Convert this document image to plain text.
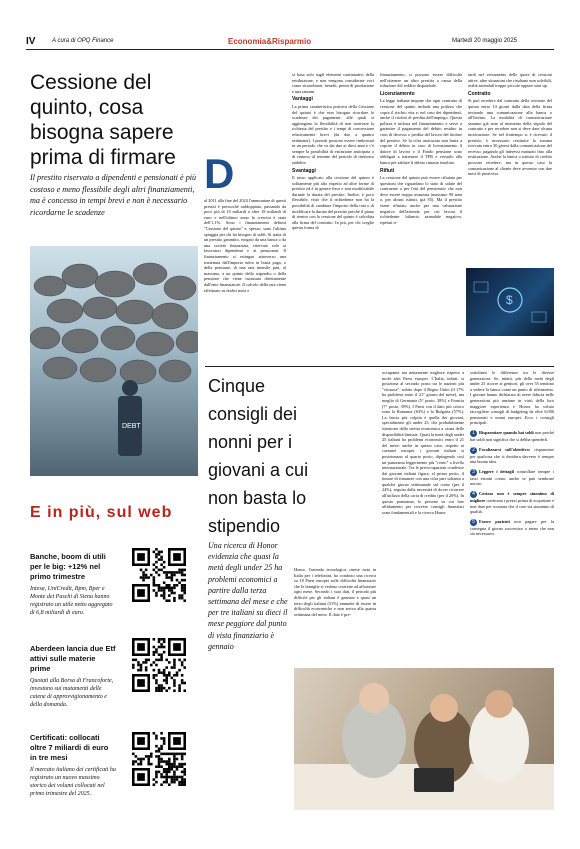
IV	A cura di OPQ Finance	Economia&Risparmio	Martedì 20 maggio 2025
Cessione del quinto, cosa bisogna sapere prima di firmare
Il prestito riservato a dipendenti e pensionati è più costoso e meno flessibile degli altri finanziamenti, ma è concesso in tempi brevi e non è necessario ricordarne le scadenze
DEBT
D

al 2011 alla fine del 2024 l'ammontare di questi prestiti è pressoché raddoppiato, passando da poco più di 10 miliardi a oltre 18 miliardi di euro e nell'ultimo anno la crescita è stata dell'1,1%. Sono i finanziamenti definiti "Cessione del quinto" e, spesso, sono l'ultima spiaggia per chi ha bisogno di soldi. Si tratta di un prestito garantito, erogato da una banca o da una società finanziaria, riservato solo ai lavoratori dipendenti e ai pensionati. Il finanziamento si estingue attraverso una trattenuta dall'importo netto in busta paga, o della pensione, di una rata mensile pari, al massimo, a un quinto dello stipendio o della pensione che viene incassata direttamente dall'ente finanziatore. Il calcolo della rata viene effettuato su dodici mesi e

si basa solo sugli elementi continuativi della retribuzione, e non vengono considerate voci come straordinari, benefit, premi di produzione e una tantum.

Vantaggi

La prima caratteristica positiva della Cessione del quinto è che non bisogna ricordare le scadenze dei pagamenti, alle quali si aggiungono la flessibilità di non motivare la richiesta del prestito e i tempi di concessione relativamente brevi (da due a quattro settimane). I prestiti possono essere rimborsati in un periodo che va dai due ai dieci anni e c'è sempre la possibilità di estinzione anticipata o di rinnovo al termine del periodo di rimborso stabilito

Svantaggi

Il tasso applicato alla cessione del quinto è solitamente più alto rispetto ad altre forme di prestito ed è in genere fisso e non modificabile durante la durata del prestito. Inoltre, è poco flessibile, visto che il richiedente non ha la possibilità di cambiare l'importo della rata o di modificare la durata del prestito perché il piano di rientro con la cessione del quinto è calcolata alla firma del contratto. In più, per chi sceglie questa forma di

finanziamento, ci possono essere difficoltà nell'ottenere un altro prestito a causa della riduzione del reddito disponibile.

Licenziamento

La legge italiana impone che ogni contratto di cessione del quinto includa una polizza che copra il rischio vita e, nel caso dei dipendenti, anche il rischio di perdita dell'impiego. Questa polizza è inclusa nel finanziamento e serve a garantire il pagamento del debito residuo in caso di decesso o perdita del lavoro del titolare del prestito. Se la cifra assicurata non basta a coprire il debito in caso di licenziamento il datore di lavoro o il Fondo pensione sono obbligati a trattenere il TFR e versarlo alla banca per saldare il debito rimasto insoluto.

Rifiuti

La cessione del quinto può essere rifiutata per questioni che riguardano lo stato di salute del contraente o per l'età del pensionato che non deve essere troppo avanzata (massimo 90 anni o, per alcuni istituti, già 85). Ma il prestito viene rifiutato anche per una valutazione negativa dell'azienda per cui lavora il richiedente: bilancio aziendale negativo, ripetuti ri-

tardi nel versamento delle quote di cessioni attive, altre situazioni che risultano non solvibili, realtà aziendali troppo piccole oppure start up.

Contratto

Si può recedere dal contratto della cessione del quinto entro 14 giorni dalla data della firma inviando una comunicazione alla banca o all'Istituto. La modalità di comunicazione saranno già note al momento della stipula del contratto e per recedere non si deve dare alcuna motivazione. Se nel frattempo si è ricevuto il prestito, è necessario restituire la somma ricevuta entro 30 giorni dalla comunicazione del recesso, pagando gli interessi maturati fino alla restituzione. Anche la banca o istituto di credito possono recedere, ma in questo caso la comunicazione al cliente deve avvenire con due mesi di preavviso.

$
E in più, sul web
Banche, boom di utili per le big: +12% nel primo trimestre
Intesa, UniCredit, Bpm, Bper e Monte dei Paschi di Siena hanno registrato un utile netto aggregato di 6,8 miliardi di euro.
Aberdeen lancia due Etf attivi sulle materie prime
Quotati alla Borsa di Francoforte, investono sui mutamenti delle catene di approvvigionamento e della domanda.
Certificati: collocati oltre 7 miliardi di euro in tre mesi
Il mercato italiano dei certificati ha registrato un nuovo massimo storico dei volumi collocati nel primo trimestre del 2025.
Cinque consigli dei nonni per i giovani a cui non basta lo stipendio
Una ricerca di Honor evidenzia che quasi la metà degli under 25 ha problemi economici a partire dalla terza settimana del mese e che per tre italiani su dieci il mese peggiore dal punto di vista finanziario è gennaio

Honor, l'azienda tecnologica cinese nota in Italia per i telefonini, ha condotto una ricerca su 18 Paesi europei sulle difficoltà finanziarie che le famiglie si vedono costrette ad affrontare ogni mese. Secondo i suoi dati, il periodo più difficile per gli italiani è gennaio e quasi un terzo degli italiani (31%) ammette di essere in difficoltà economiche e non arriva alla quarta settimana del mese. Il dato è pre-

occupante ma nettamente migliore rispetto a molti altri Paesi europei. L'Italia, infatti, si posiziona al secondo posto tra le nazioni più "virtuose", subito dopo il Regno Unito (il 17% ha problemi entro il 21° giorno del mese), ma meglio di Germania (5° posto, 38%) e Francia (7° posto, 39%). I Paesi con il dato più critico sono la Romania (63%) e la Bulgaria (57%). La fascia più colpita è quella dei giovani, specialmente gli under 25, che probabilmente risentono della stretta economica a causa delle disponibilità limitate. Quasi la metà degli under 25 italiani ha problemi economici entro il 21 del mese: anche in questo caso, rispetto ai coetanei europei, i giovani italiani si posizionano al quarto posto, dipingendo così un panorama leggermente più "roseo" a livello internazionale. Tra le preoccupazioni condivise dai giovani italiani figura, al primo posto, il timore di rimanere con una cifra pari soltanto a qualche giorno settimanale sul conto (per il 24%), seguita dalla necessità di dover ricorrere all'utilizzo della carta di credito (per il 20%). In questo panorama, le persone su cui fare affidamento per ricevere consigli finanziari sono fondamentali e la ricerca Honor

sottolinea le differenze tra le diverse generazioni. Se, infatti, più della metà degli under 25 ricorre ai genitori, gli over 55 tendono a vedere la banca come un punto di riferimento. I giovani hanno dichiarato di avere fiducia nelle generazioni più anziane in virtù della loro maggiore esperienza e Honor ha voluto raccogliere consigli di budgeting da oltre 6.000 pensionati e nonni europei. Ecco i consigli principali:

1 Risparmiare quando hai soldi non perché hai soldi non significa che si debba spenderli.
2 Focalizzarsi sull'obiettivo: risparmiare per qualcosa che si desidera davvero è sempre una buona idea.
3 Leggere i dettagli controllare sempre i tassi estratti conto, anche se può sembrare noioso.
4 Costoso non è sempre sinonimo di migliore confronta i prezzi prima di acquistare e non dare per scontato che il caro sia sinonimo di qualità.
5 Essere pazienti non pagare per la consegna il giorno successivo a meno che non sia necessario.
